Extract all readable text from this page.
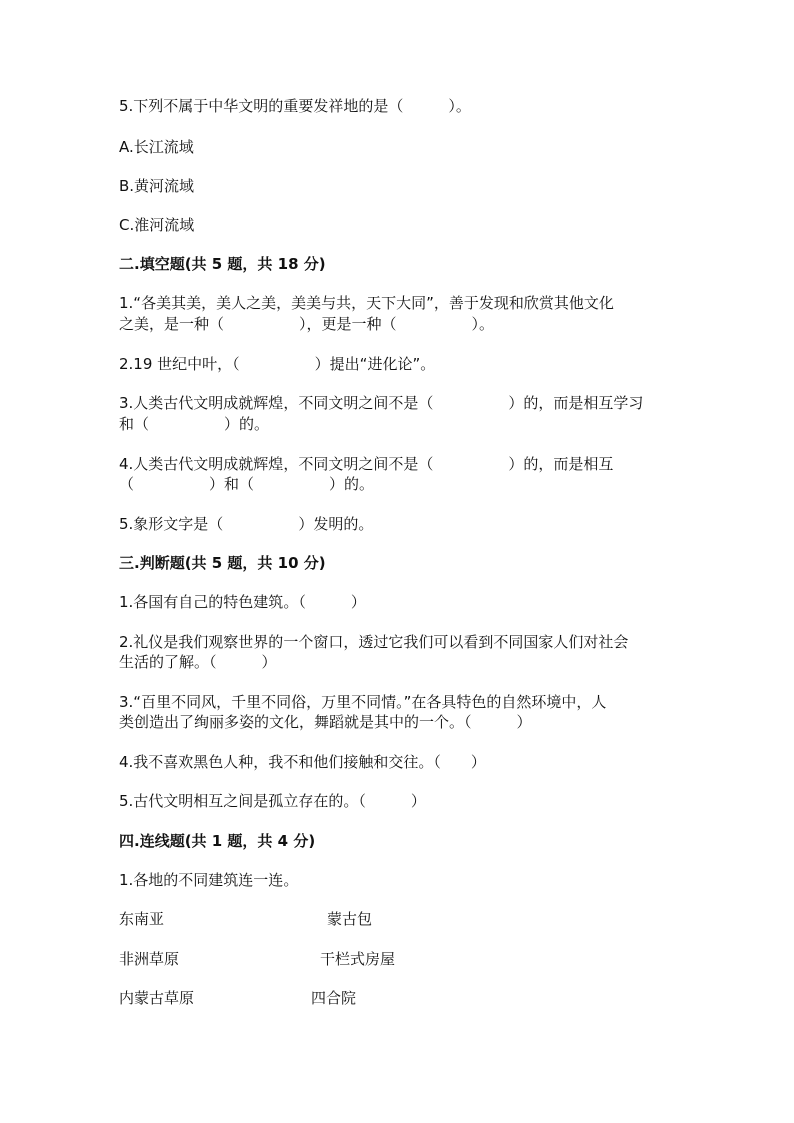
5.下列不属于中华文明的重要发祥地的是（　　　）。

A.长江流域

B.黄河流域

C.淮河流域

二.填空题(共 5 题，共 18 分)

1.“各美其美，美人之美，美美与共，天下大同”，善于发现和欣赏其他文化

之美，是一种（　　　　　），更是一种（　　　　　）。

2.19 世纪中叶，（　　　　　）提出“进化论”。

3.人类古代文明成就辉煌，不同文明之间不是（　　　　　）的，而是相互学习

和（　　　　　）的。

4.人类古代文明成就辉煌，不同文明之间不是（　　　　　）的，而是相互

（　　　　　）和（　　　　　）的。

5.象形文字是（　　　　　）发明的。

三.判断题(共 5 题，共 10 分)

1.各国有自己的特色建筑。（　　　）

2.礼仪是我们观察世界的一个窗口，透过它我们可以看到不同国家人们对社会

生活的了解。（　　　）

3.“百里不同风，千里不同俗，万里不同情。”在各具特色的自然环境中，人

类创造出了绚丽多姿的文化，舞蹈就是其中的一个。（　　　）

4.我不喜欢黑色人种，我不和他们接触和交往。（　　）

5.古代文明相互之间是孤立存在的。（　　　）

四.连线题(共 1 题，共 4 分)

1.各地的不同建筑连一连。

东南亚	蒙古包
非洲草原	干栏式房屋
内蒙古草原	四合院
